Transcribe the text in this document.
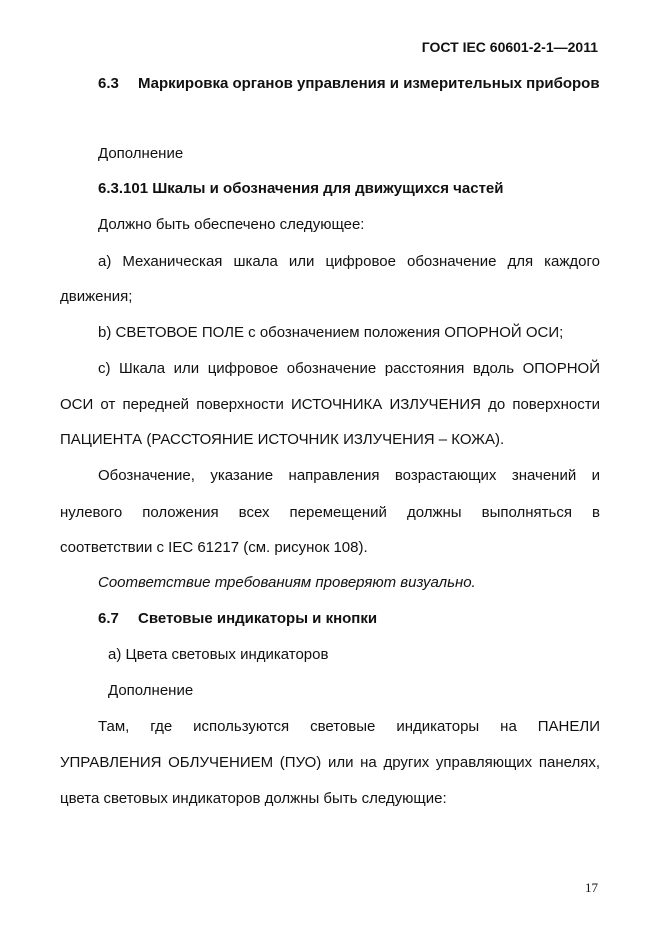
ГОСТ IEC 60601-2-1—2011
6.3 Маркировка органов управления и измерительных приборов
Дополнение
6.3.101 Шкалы и обозначения для движущихся частей
Должно быть обеспечено следующее:
а) Механическая шкала или цифровое обозначение для каждого
движения;
b) СВЕТОВОЕ ПОЛЕ с обозначением положения ОПОРНОЙ ОСИ;
с) Шкала или цифровое обозначение расстояния вдоль ОПОРНОЙ
ОСИ от передней поверхности ИСТОЧНИКА ИЗЛУЧЕНИЯ до поверхности
ПАЦИЕНТА (РАССТОЯНИЕ ИСТОЧНИК ИЗЛУЧЕНИЯ – КОЖА).
Обозначение, указание направления возрастающих значений и
нулевого положения всех перемещений должны выполняться в
соответствии с IEC 61217 (см. рисунок 108).
Соответствие требованиям проверяют визуально.
6.7 Световые индикаторы и кнопки
а) Цвета световых индикаторов
Дополнение
Там, где используются световые индикаторы на ПАНЕЛИ
УПРАВЛЕНИЯ ОБЛУЧЕНИЕМ (ПУО) или на других управляющих панелях,
цвета световых индикаторов должны быть следующие:
17
